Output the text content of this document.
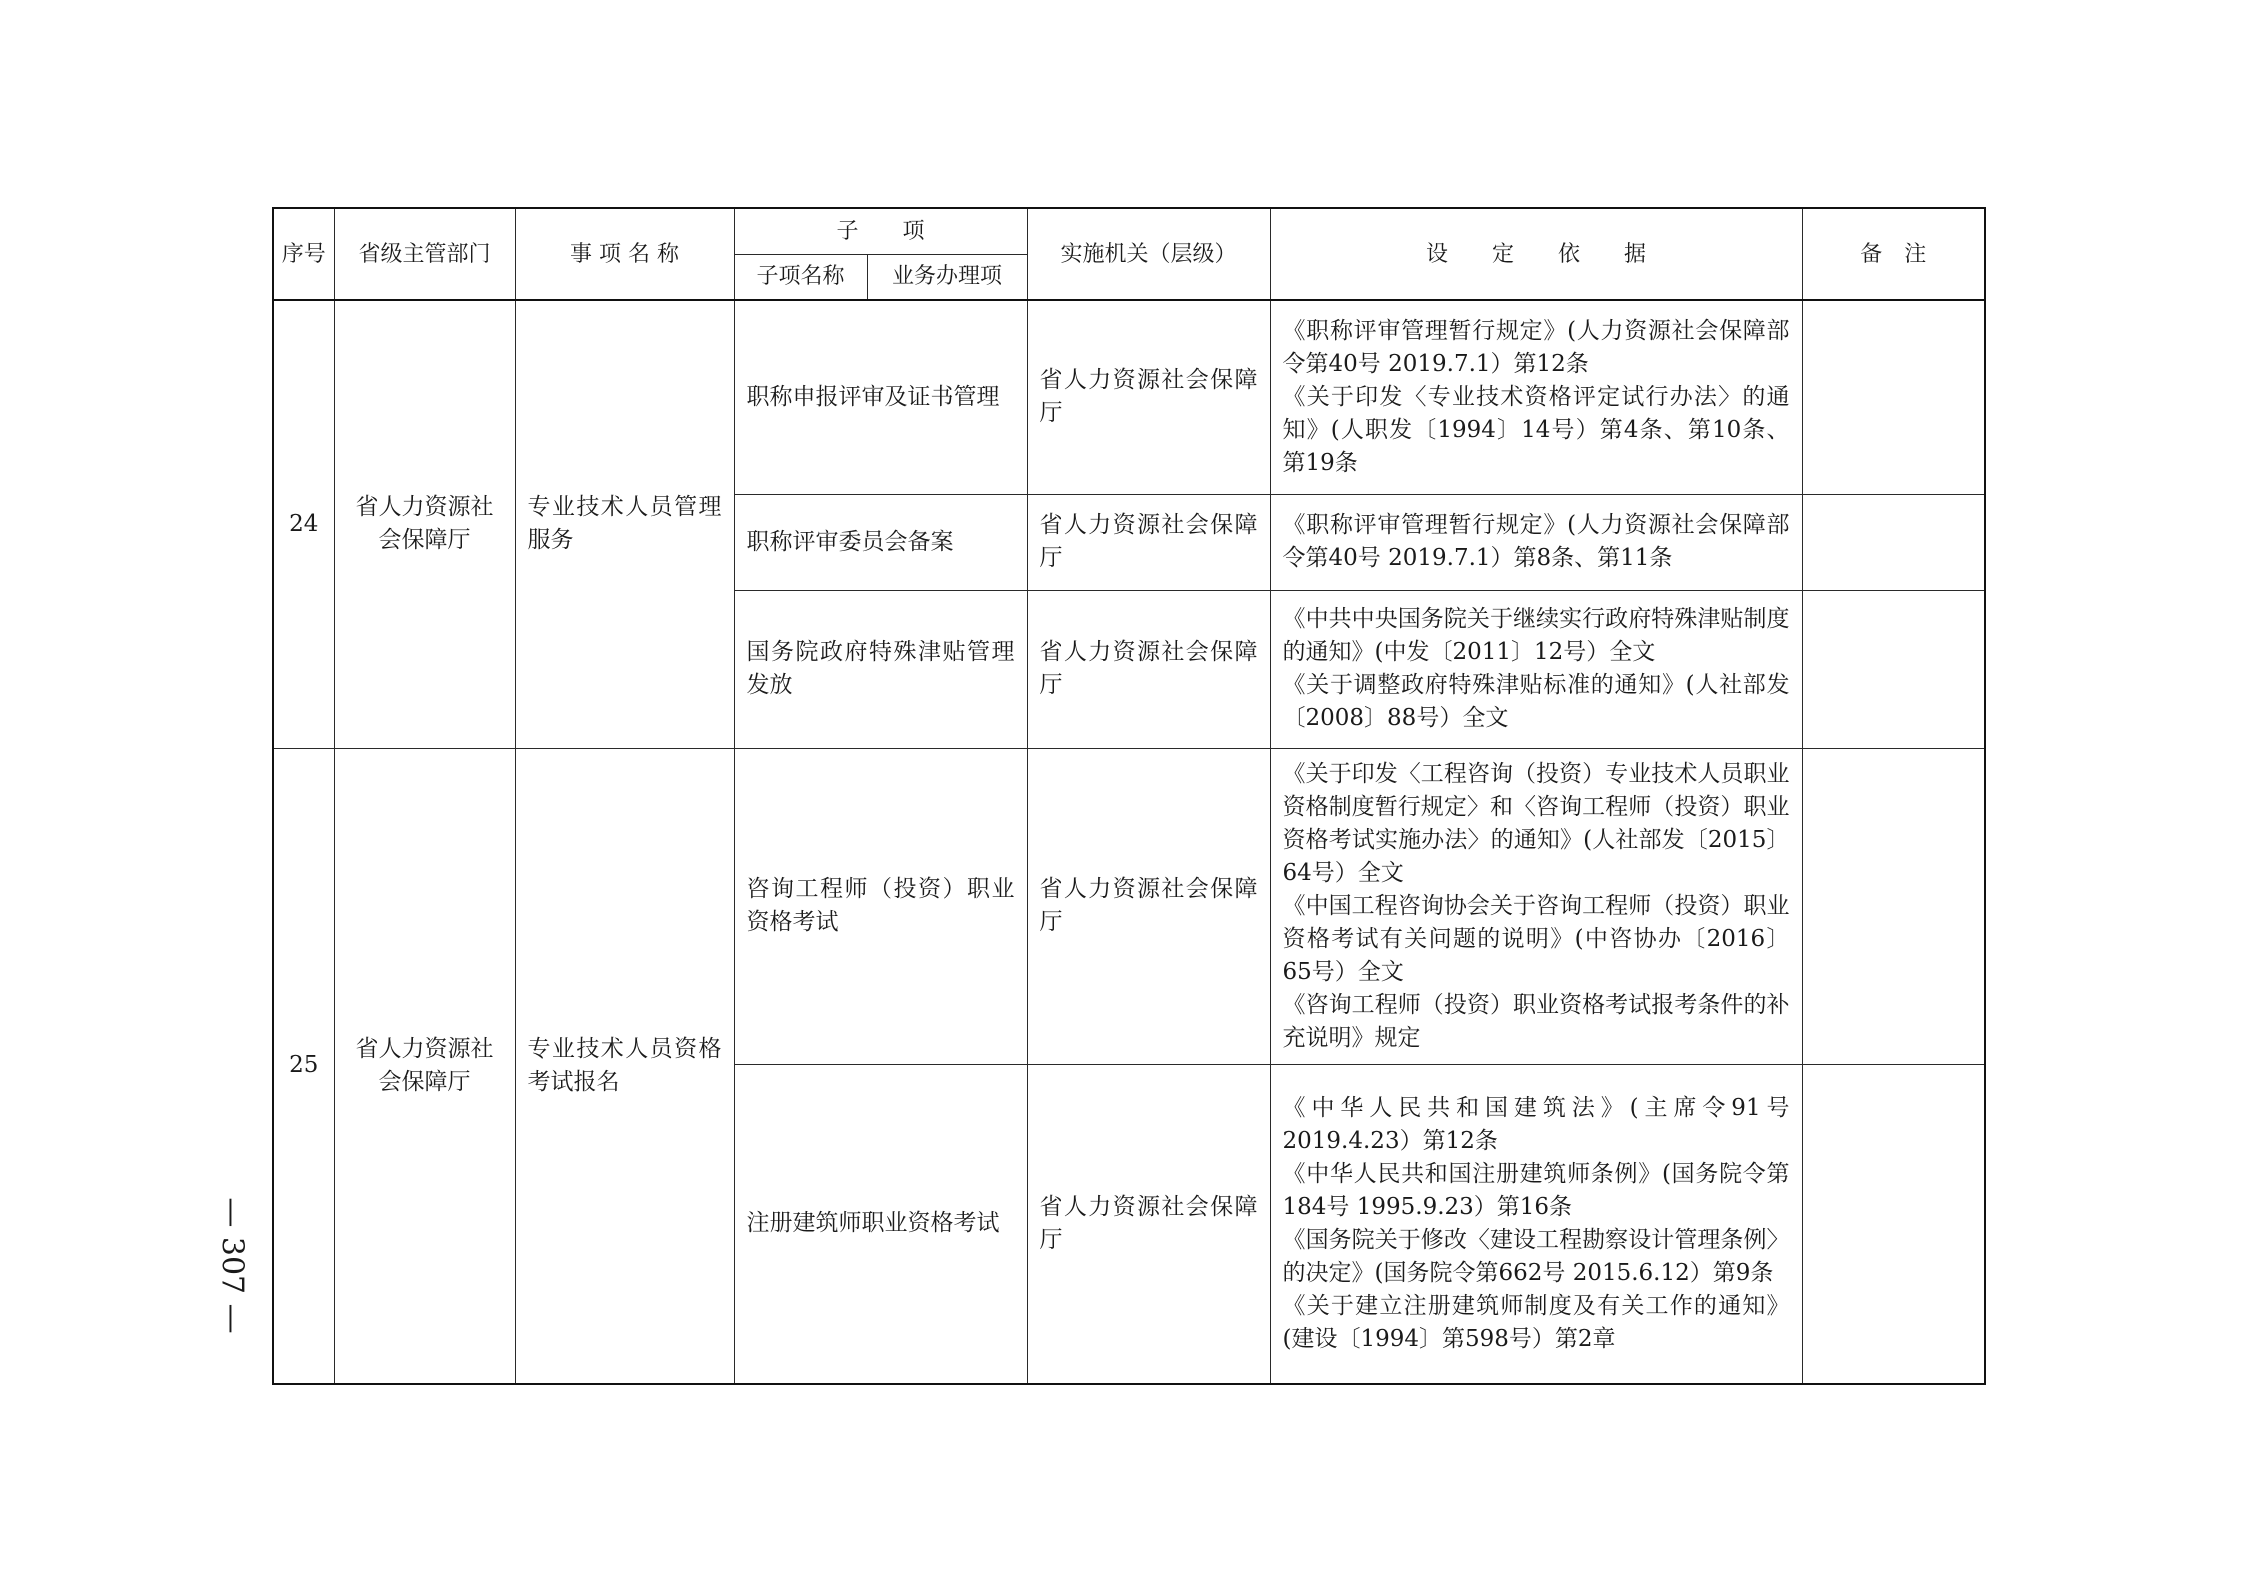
— 307 —
序号	省级主管部门	事 项 名 称	子　　项		实施机关（层级）	设　　定　　依　　据	备　注
			子项名称	业务办理项			
24	省人力资源社会保障厅	专业技术人员管理服务	职称申报评审及证书管理		省人力资源社会保障厅	《职称评审管理暂行规定》(人力资源社会保障部令第40号 2019.7.1）第12条
《关于印发〈专业技术资格评定试行办法〉的通知》(人职发〔1994〕14号）第4条、第10条、第19条	
			职称评审委员会备案		省人力资源社会保障厅	《职称评审管理暂行规定》(人力资源社会保障部令第40号 2019.7.1）第8条、第11条	
			国务院政府特殊津贴管理发放		省人力资源社会保障厅	《中共中央国务院关于继续实行政府特殊津贴制度的通知》(中发〔2011〕12号）全文
《关于调整政府特殊津贴标准的通知》(人社部发〔2008〕88号）全文	
25	省人力资源社会保障厅	专业技术人员资格考试报名	咨询工程师（投资）职业资格考试		省人力资源社会保障厅	《关于印发〈工程咨询（投资）专业技术人员职业资格制度暂行规定〉和〈咨询工程师（投资）职业资格考试实施办法〉的通知》(人社部发〔2015〕64号）全文
《中国工程咨询协会关于咨询工程师（投资）职业资格考试有关问题的说明》(中咨协办〔2016〕65号）全文
《咨询工程师（投资）职业资格考试报考条件的补充说明》规定	
			注册建筑师职业资格考试		省人力资源社会保障厅	《中华人民共和国建筑法》(主席令91号 2019.4.23）第12条
《中华人民共和国注册建筑师条例》(国务院令第184号 1995.9.23）第16条
《国务院关于修改〈建设工程勘察设计管理条例〉的决定》(国务院令第662号 2015.6.12）第9条
《关于建立注册建筑师制度及有关工作的通知》(建设〔1994〕第598号）第2章	
